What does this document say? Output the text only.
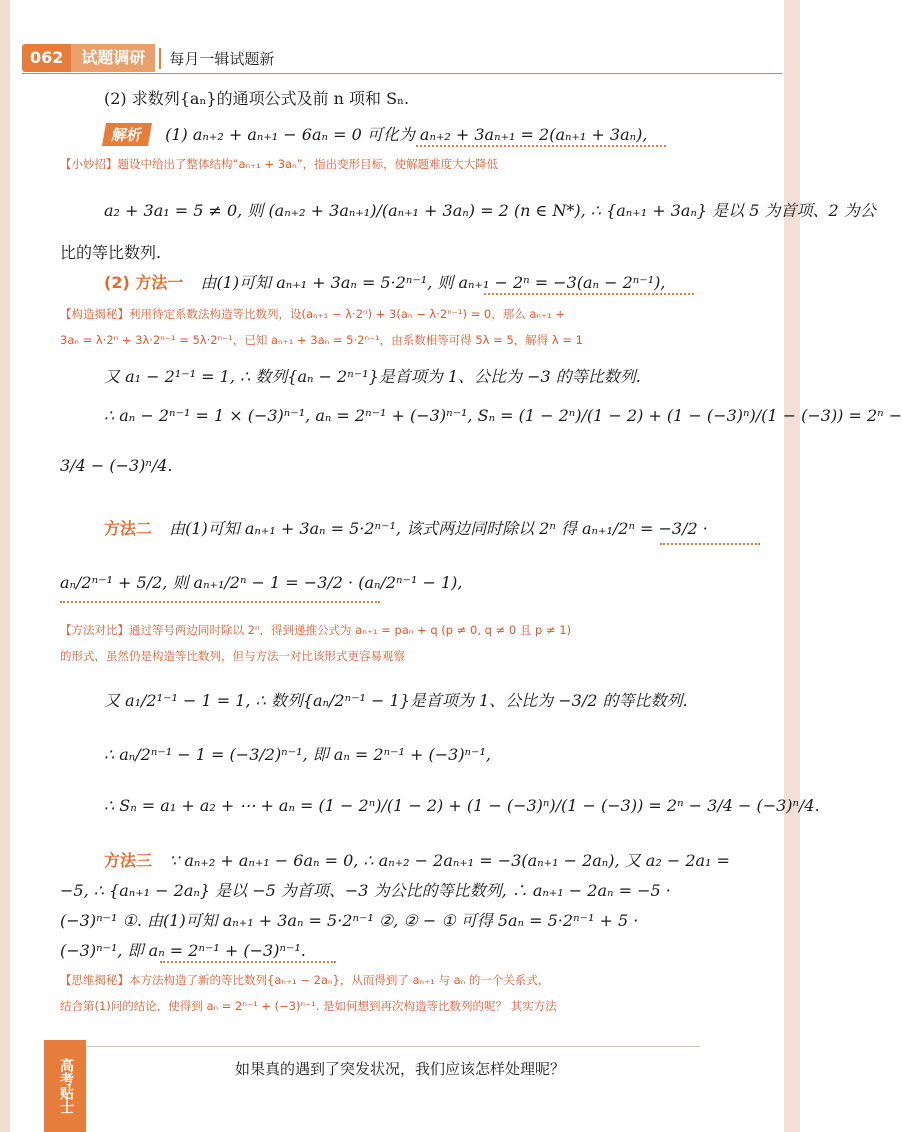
062	试题调研	每月一辑试题新
(2) 求数列{aₙ}的通项公式及前 n 项和 Sₙ.
解析 (1) aₙ₊₂ + aₙ₊₁ − 6aₙ = 0 可化为 aₙ₊₂ + 3aₙ₊₁ = 2(aₙ₊₁ + 3aₙ),
【小妙招】题设中给出了整体结构“aₙ₊₁ + 3aₙ”，指出变形目标，使解题难度大大降低
a₂ + 3a₁ = 5 ≠ 0, 则 (aₙ₊₂ + 3aₙ₊₁)/(aₙ₊₁ + 3aₙ) = 2 (n ∈ N*), ∴ {aₙ₊₁ + 3aₙ} 是以 5 为首项、2 为公
比的等比数列.
(2) 方法一 由(1)可知 aₙ₊₁ + 3aₙ = 5·2ⁿ⁻¹, 则 aₙ₊₁ − 2ⁿ = −3(aₙ − 2ⁿ⁻¹),
【构造揭秘】利用待定系数法构造等比数列，设(aₙ₊₁ − λ·2ⁿ) + 3(aₙ − λ·2ⁿ⁻¹) = 0，那么 aₙ₊₁ +
3aₙ = λ·2ⁿ + 3λ·2ⁿ⁻¹ = 5λ·2ⁿ⁻¹，已知 aₙ₊₁ + 3aₙ = 5·2ⁿ⁻¹，由系数相等可得 5λ = 5，解得 λ = 1
又 a₁ − 2¹⁻¹ = 1, ∴ 数列{aₙ − 2ⁿ⁻¹}是首项为 1、公比为 −3 的等比数列.
∴ aₙ − 2ⁿ⁻¹ = 1 × (−3)ⁿ⁻¹, aₙ = 2ⁿ⁻¹ + (−3)ⁿ⁻¹, Sₙ = (1 − 2ⁿ)/(1 − 2) + (1 − (−3)ⁿ)/(1 − (−3)) = 2ⁿ −
3/4 − (−3)ⁿ/4.
方法二 由(1)可知 aₙ₊₁ + 3aₙ = 5·2ⁿ⁻¹, 该式两边同时除以 2ⁿ 得 aₙ₊₁/2ⁿ = −3/2 ·
aₙ/2ⁿ⁻¹ + 5/2, 则 aₙ₊₁/2ⁿ − 1 = −3/2 · (aₙ/2ⁿ⁻¹ − 1),
【方法对比】通过等号两边同时除以 2ⁿ，得到递推公式为 aₙ₊₁ = paₙ + q (p ≠ 0, q ≠ 0 且 p ≠ 1)
的形式，虽然仍是构造等比数列，但与方法一对比该形式更容易观察
又 a₁/2¹⁻¹ − 1 = 1, ∴ 数列{aₙ/2ⁿ⁻¹ − 1}是首项为 1、公比为 −3/2 的等比数列.
∴ aₙ/2ⁿ⁻¹ − 1 = (−3/2)ⁿ⁻¹, 即 aₙ = 2ⁿ⁻¹ + (−3)ⁿ⁻¹,
∴ Sₙ = a₁ + a₂ + ⋯ + aₙ = (1 − 2ⁿ)/(1 − 2) + (1 − (−3)ⁿ)/(1 − (−3)) = 2ⁿ − 3/4 − (−3)ⁿ/4.
方法三 ∵ aₙ₊₂ + aₙ₊₁ − 6aₙ = 0, ∴ aₙ₊₂ − 2aₙ₊₁ = −3(aₙ₊₁ − 2aₙ), 又 a₂ − 2a₁ =
−5, ∴ {aₙ₊₁ − 2aₙ} 是以 −5 为首项、−3 为公比的等比数列, ∴ aₙ₊₁ − 2aₙ = −5 ·
(−3)ⁿ⁻¹ ①. 由(1)可知 aₙ₊₁ + 3aₙ = 5·2ⁿ⁻¹ ②, ② − ① 可得 5aₙ = 5·2ⁿ⁻¹ + 5 ·
(−3)ⁿ⁻¹, 即 aₙ = 2ⁿ⁻¹ + (−3)ⁿ⁻¹.
【思维揭秘】本方法构造了新的等比数列{aₙ₊₁ − 2aₙ}，从而得到了 aₙ₊₁ 与 aₙ 的一个关系式，
结合第(1)问的结论，使得到 aₙ = 2ⁿ⁻¹ + (−3)ⁿ⁻¹. 是如何想到再次构造等比数列的呢？ 其实方法
高考贴士	如果真的遇到了突发状况，我们应该怎样处理呢？
